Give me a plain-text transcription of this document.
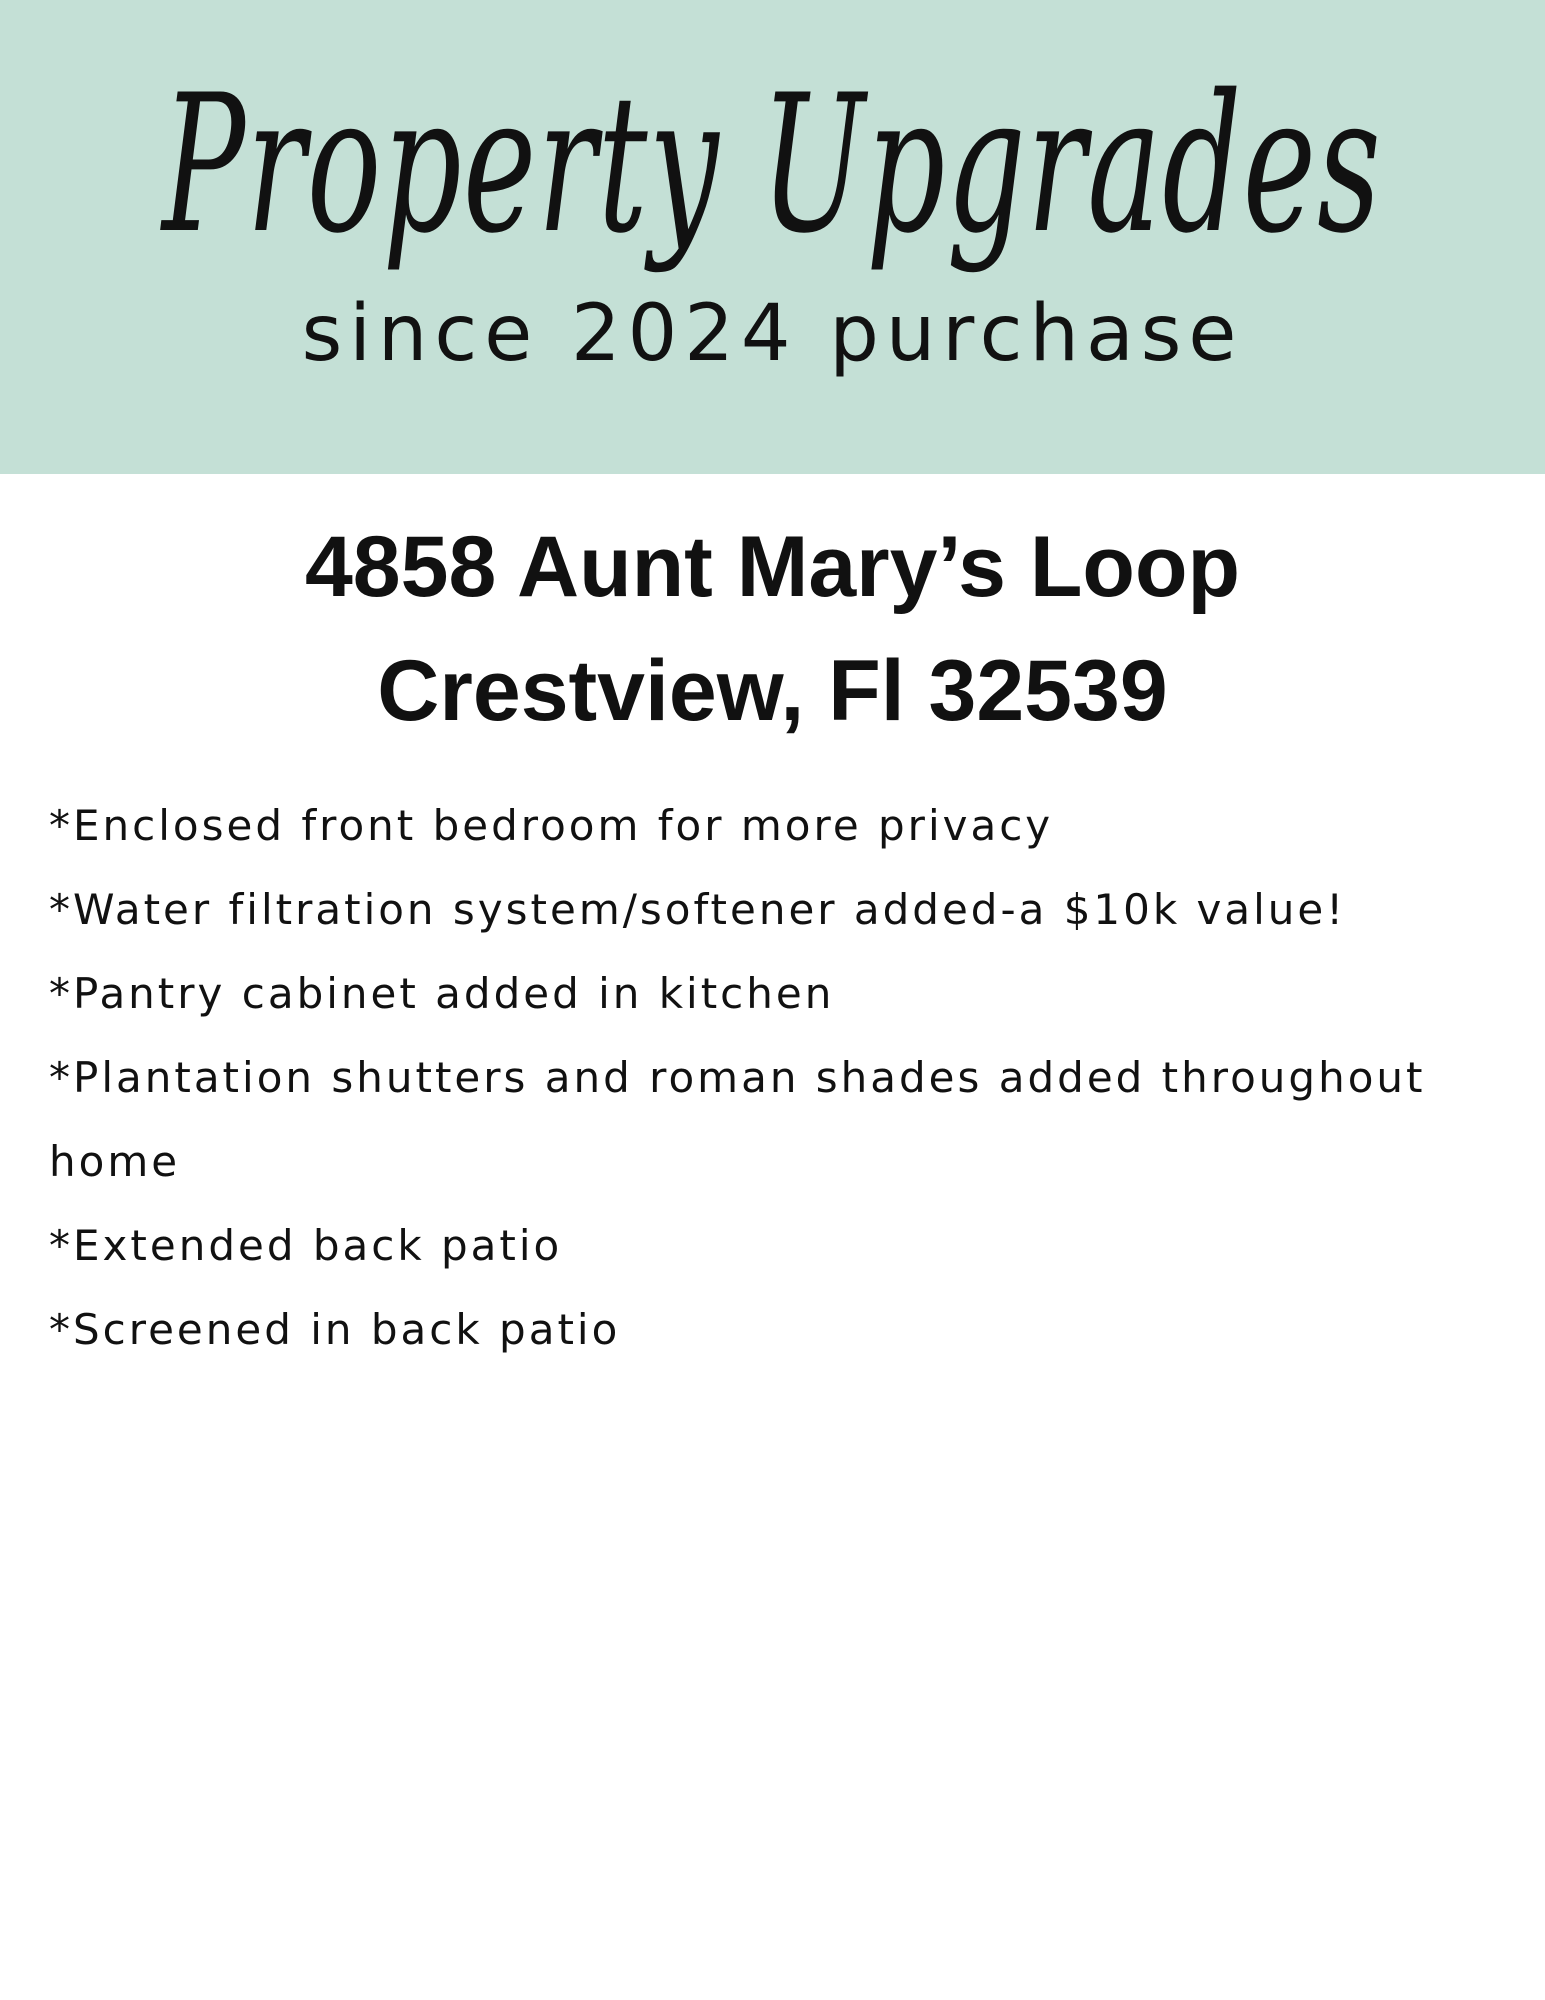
Property Upgrades
since 2024 purchase
4858 Aunt Mary’s Loop
Crestview, Fl 32539
*Enclosed front bedroom for more privacy
*Water filtration system/softener added-a $10k value!
*Pantry cabinet added in kitchen
*Plantation shutters and roman shades added throughout home
*Extended back patio
*Screened in back patio
